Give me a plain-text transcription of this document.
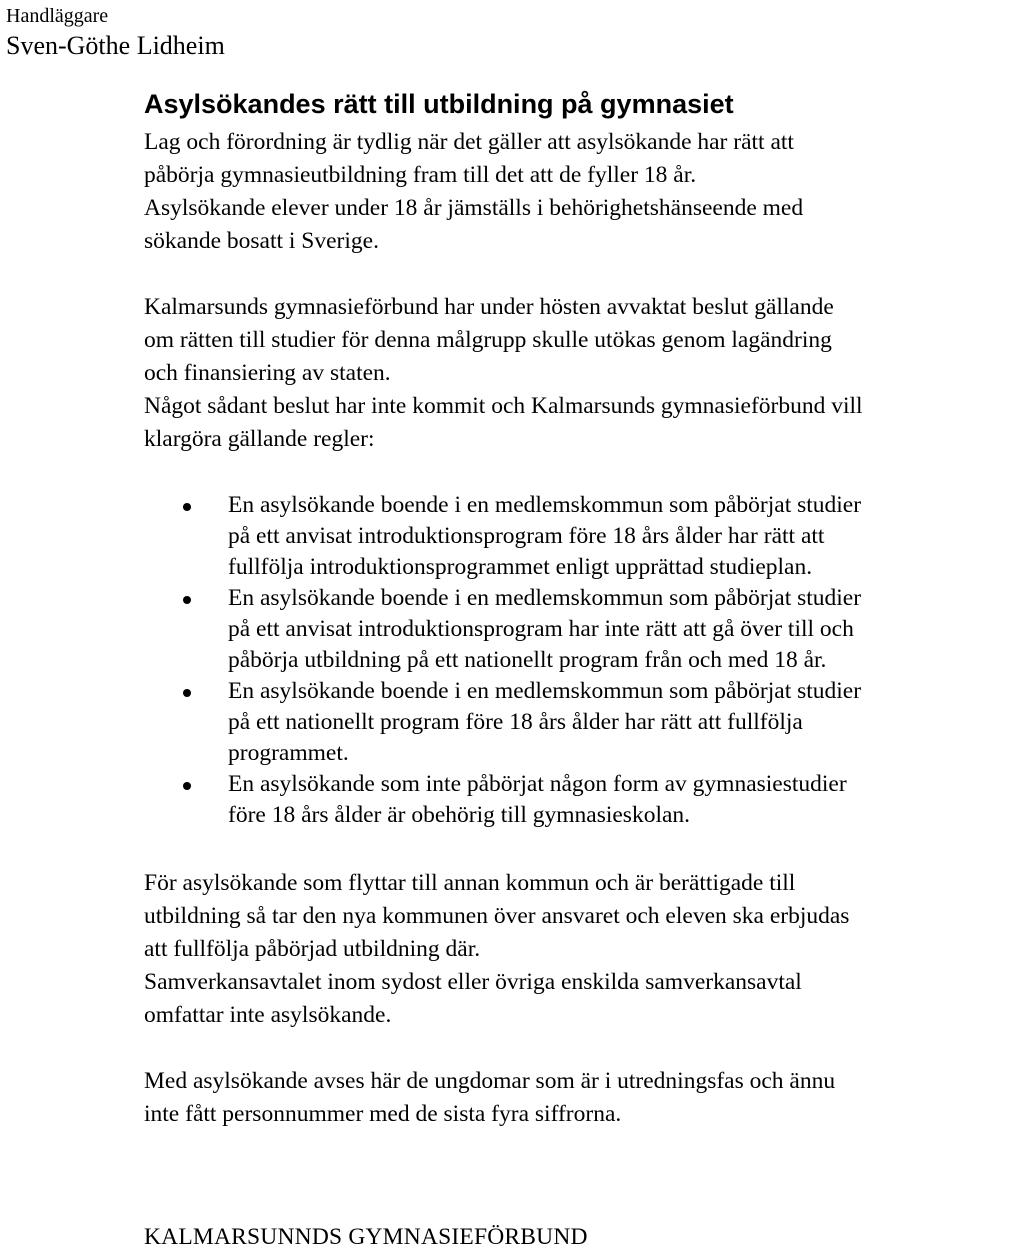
Handläggare
Sven-Göthe Lidheim
Asylsökandes rätt till utbildning på gymnasiet

Lag och förordning är tydlig när det gäller att asylsökande har rätt att
påbörja gymnasieutbildning fram till det att de fyller 18 år.
Asylsökande elever under 18 år jämställs i behörighetshänseende med
sökande bosatt i Sverige.

Kalmarsunds gymnasieförbund har under hösten avvaktat beslut gällande
om rätten till studier för denna målgrupp skulle utökas genom lagändring
och finansiering av staten.
Något sådant beslut har inte kommit och Kalmarsunds gymnasieförbund vill
klargöra gällande regler:

En asylsökande boende i en medlemskommun som påbörjat studier
på ett anvisat introduktionsprogram före 18 års ålder har rätt att
fullfölja introduktionsprogrammet enligt upprättad studieplan.
En asylsökande boende i en medlemskommun som påbörjat studier
på ett anvisat introduktionsprogram har inte rätt att gå över till och
påbörja utbildning på ett nationellt program från och med 18 år.
En asylsökande boende i en medlemskommun som påbörjat studier
på ett nationellt program före 18 års ålder har rätt att fullfölja
programmet.
En asylsökande som inte påbörjat någon form av gymnasiestudier
före 18 års ålder är obehörig till gymnasieskolan.

För asylsökande som flyttar till annan kommun och är berättigade till
utbildning så tar den nya kommunen över ansvaret och eleven ska erbjudas
att fullfölja påbörjad utbildning där.
Samverkansavtalet inom sydost eller övriga enskilda samverkansavtal
omfattar inte asylsökande.

Med asylsökande avses här de ungdomar som är i utredningsfas och ännu
inte fått personnummer med de sista fyra siffrorna.

KALMARSUNNDS GYMNASIEFÖRBUND
